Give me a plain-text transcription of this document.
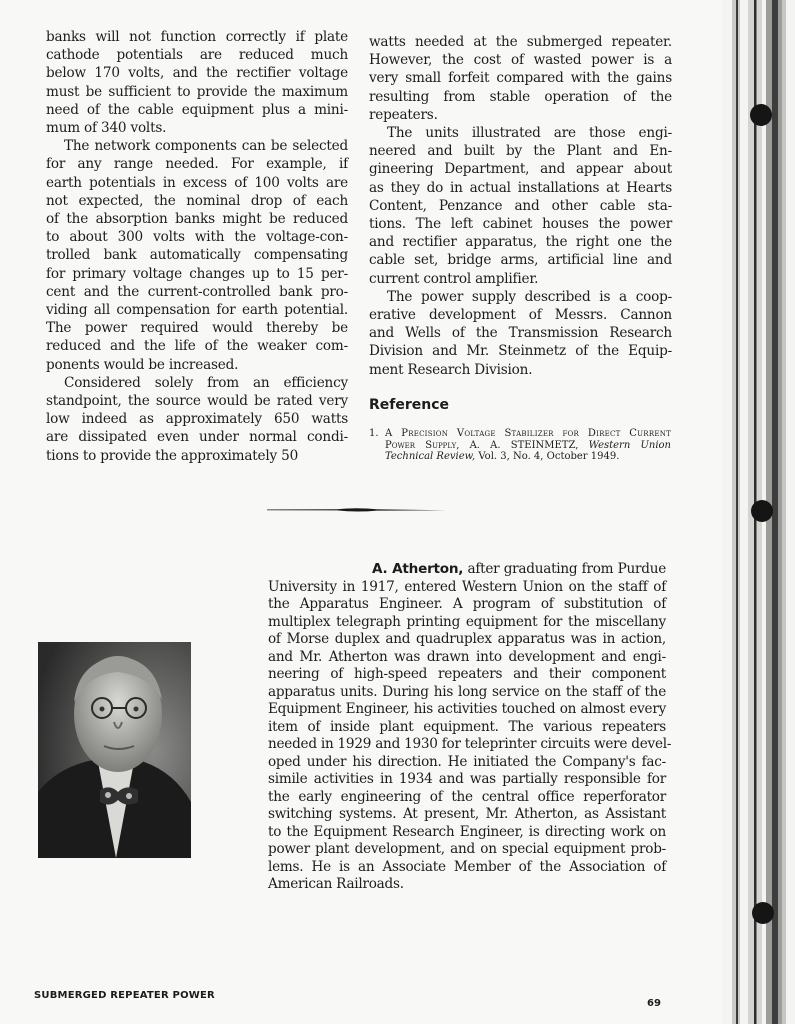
banks will not function correctly if plate
cathode potentials are reduced much
below 170 volts, and the rectifier voltage
must be sufficient to provide the maximum
need of the cable equipment plus a mini-
mum of 340 volts.

The network components can be selected
for any range needed. For example, if
earth potentials in excess of 100 volts are
not expected, the nominal drop of each
of the absorption banks might be reduced
to about 300 volts with the voltage-con-
trolled bank automatically compensating
for primary voltage changes up to 15 per-
cent and the current-controlled bank pro-
viding all compensation for earth potential.
The power required would thereby be
reduced and the life of the weaker com-
ponents would be increased.

Considered solely from an efficiency
standpoint, the source would be rated very
low indeed as approximately 650 watts
are dissipated even under normal condi-
tions to provide the approximately 50

watts needed at the submerged repeater.
However, the cost of wasted power is a
very small forfeit compared with the gains
resulting from stable operation of the
repeaters.

The units illustrated are those engi-
neered and built by the Plant and En-
gineering Department, and appear about
as they do in actual installations at Hearts
Content, Penzance and other cable sta-
tions. The left cabinet houses the power
and rectifier apparatus, the right one the
cable set, bridge arms, artificial line and
current control amplifier.

The power supply described is a coop-
erative development of Messrs. Cannon
and Wells of the Transmission Research
Division and Mr. Steinmetz of the Equip-
ment Research Division.

Reference
1. A Precision Voltage Stabilizer for Direct Current
Power Supply, A. A. STEINMETZ, Western Union
Technical Review, Vol. 3, No. 4, October 1949.
A. Atherton, after graduating from Purdue
University in 1917, entered Western Union on the staff of
the Apparatus Engineer. A program of substitution of
multiplex telegraph printing equipment for the miscellany
of Morse duplex and quadruplex apparatus was in action,
and Mr. Atherton was drawn into development and engi-
neering of high-speed repeaters and their component
apparatus units. During his long service on the staff of the
Equipment Engineer, his activities touched on almost every
item of inside plant equipment. The various repeaters
needed in 1929 and 1930 for teleprinter circuits were devel-
oped under his direction. He initiated the Company's fac-
simile activities in 1934 and was partially responsible for
the early engineering of the central office reperforator
switching systems. At present, Mr. Atherton, as Assistant
to the Equipment Research Engineer, is directing work on
power plant development, and on special equipment prob-
lems. He is an Associate Member of the Association of
American Railroads.
SUBMERGED REPEATER POWER
69
